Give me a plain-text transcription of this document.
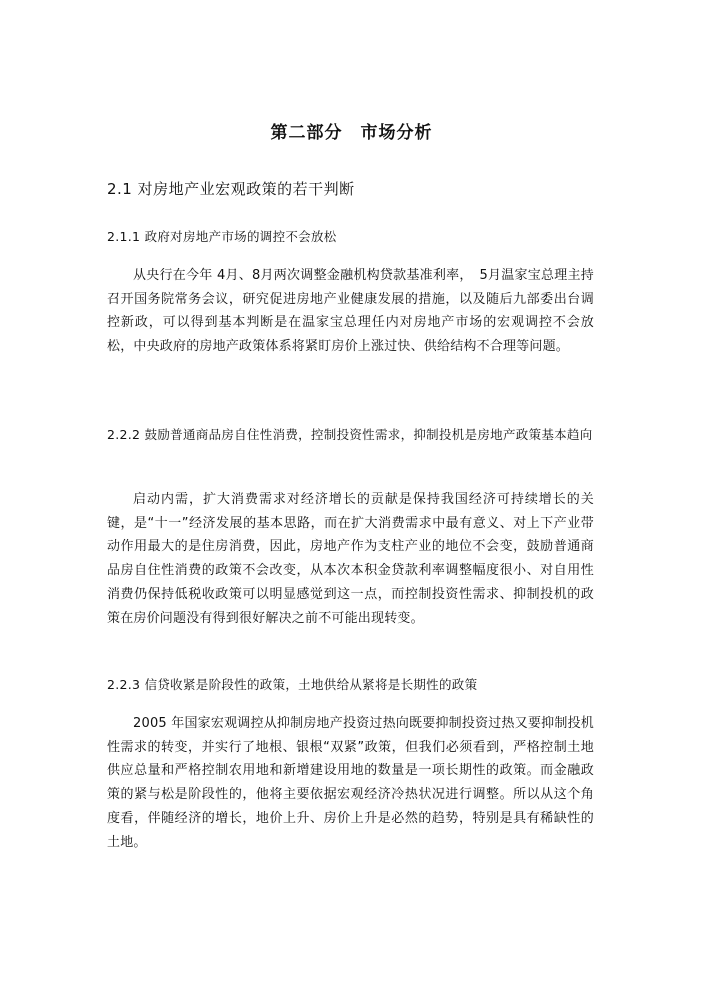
第二部分　市场分析
2.1 对房地产业宏观政策的若干判断
2.1.1 政府对房地产市场的调控不会放松
从央行在今年 4月、8月两次调整金融机构贷款基准利率，　5月温家宝总理主持召开国务院常务会议，研究促进房地产业健康发展的措施，以及随后九部委出台调控新政，可以得到基本判断是在温家宝总理任内对房地产市场的宏观调控不会放松，中央政府的房地产政策体系将紧盯房价上涨过快、供给结构不合理等问题。
2.2.2 鼓励普通商品房自住性消费，控制投资性需求，抑制投机是房地产政策基本趋向
启动内需，扩大消费需求对经济增长的贡献是保持我国经济可持续增长的关键，是“十一”经济发展的基本思路，而在扩大消费需求中最有意义、对上下产业带动作用最大的是住房消费，因此，房地产作为支柱产业的地位不会变，鼓励普通商品房自住性消费的政策不会改变，从本次本积金贷款利率调整幅度很小、对自用性消费仍保持低税收政策可以明显感觉到这一点，而控制投资性需求、抑制投机的政策在房价问题没有得到很好解决之前不可能出现转变。
2.2.3 信贷收紧是阶段性的政策，土地供给从紧将是长期性的政策
2005 年国家宏观调控从抑制房地产投资过热向既要抑制投资过热又要抑制投机性需求的转变，并实行了地根、银根“双紧”政策，但我们必须看到，严格控制土地供应总量和严格控制农用地和新增建设用地的数量是一项长期性的政策。而金融政策的紧与松是阶段性的，他将主要依据宏观经济冷热状况进行调整。所以从这个角度看，伴随经济的增长，地价上升、房价上升是必然的趋势，特别是具有稀缺性的土地。
